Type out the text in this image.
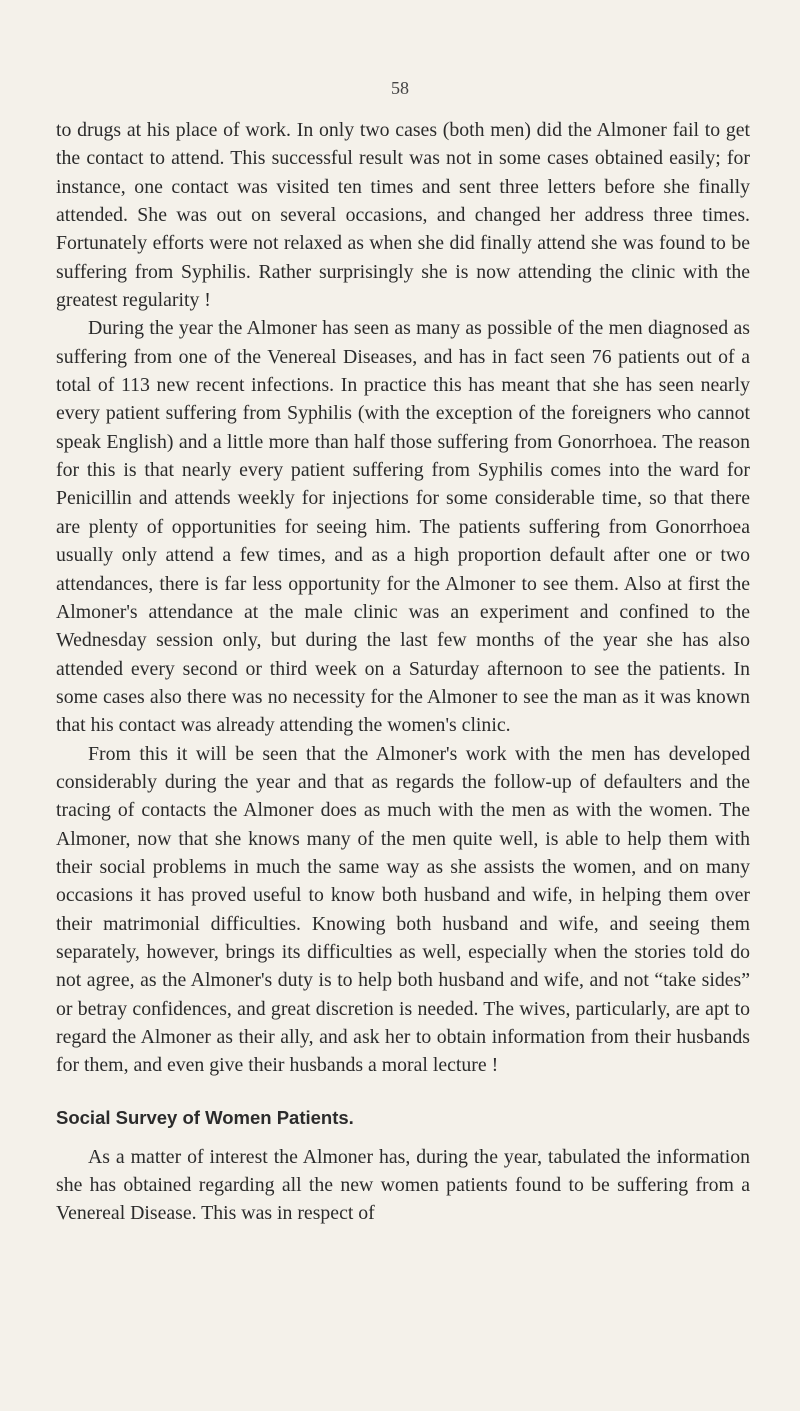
58

to drugs at his place of work. In only two cases (both men) did the Almoner fail to get the contact to attend. This successful result was not in some cases obtained easily; for instance, one contact was visited ten times and sent three letters before she finally attended. She was out on several occasions, and changed her address three times. Fortunately efforts were not relaxed as when she did finally attend she was found to be suffering from Syphilis. Rather surprisingly she is now attending the clinic with the greatest regularity !

During the year the Almoner has seen as many as possible of the men diagnosed as suffering from one of the Venereal Diseases, and has in fact seen 76 patients out of a total of 113 new recent infections. In practice this has meant that she has seen nearly every patient suffering from Syphilis (with the exception of the foreigners who cannot speak English) and a little more than half those suffering from Gonorrhoea. The reason for this is that nearly every patient suffering from Syphilis comes into the ward for Penicillin and attends weekly for injections for some considerable time, so that there are plenty of opportunities for seeing him. The patients suffering from Gonorrhoea usually only attend a few times, and as a high proportion default after one or two attendances, there is far less opportunity for the Almoner to see them. Also at first the Almoner's attendance at the male clinic was an experiment and confined to the Wednesday session only, but during the last few months of the year she has also attended every second or third week on a Saturday afternoon to see the patients. In some cases also there was no necessity for the Almoner to see the man as it was known that his contact was already attending the women's clinic.

From this it will be seen that the Almoner's work with the men has developed considerably during the year and that as regards the follow-up of defaulters and the tracing of contacts the Almoner does as much with the men as with the women. The Almoner, now that she knows many of the men quite well, is able to help them with their social problems in much the same way as she assists the women, and on many occasions it has proved useful to know both husband and wife, in helping them over their matrimonial difficulties. Knowing both husband and wife, and seeing them separately, however, brings its difficulties as well, especially when the stories told do not agree, as the Almoner's duty is to help both husband and wife, and not “take sides” or betray confidences, and great discretion is needed. The wives, particularly, are apt to regard the Almoner as their ally, and ask her to obtain information from their husbands for them, and even give their husbands a moral lecture !

Social Survey of Women Patients.

As a matter of interest the Almoner has, during the year, tabulated the information she has obtained regarding all the new women patients found to be suffering from a Venereal Disease. This was in respect of
